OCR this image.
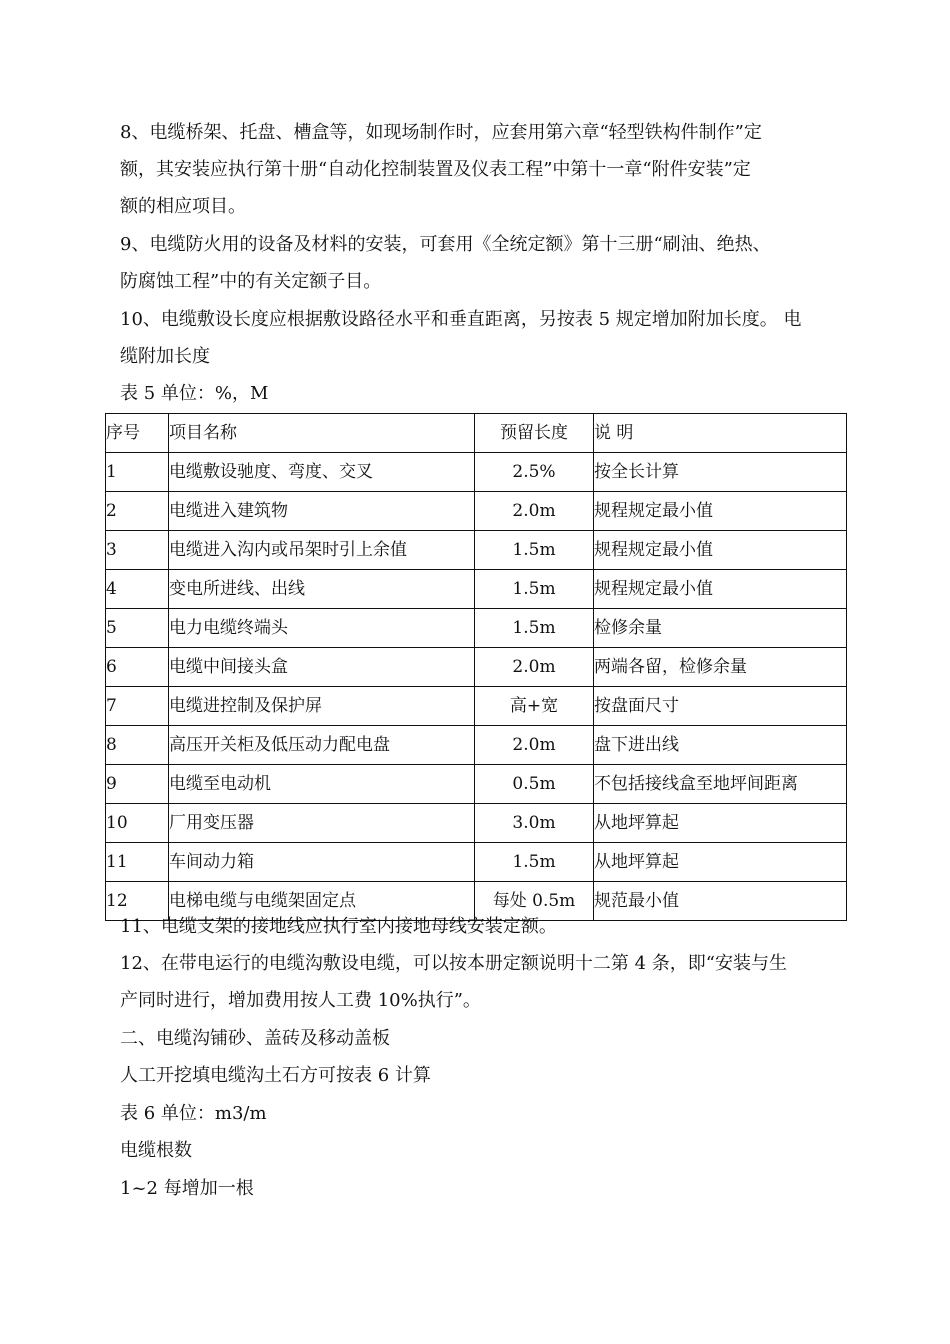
8、电缆桥架、托盘、槽盒等，如现场制作时，应套用第六章“轻型铁构件制作”定
额，其安装应执行第十册“自动化控制装置及仪表工程”中第十一章“附件安装”定
额的相应项目。
9、电缆防火用的设备及材料的安装，可套用《全统定额》第十三册“刷油、绝热、
防腐蚀工程”中的有关定额子目。
10、电缆敷设长度应根据敷设路径水平和垂直距离，另按表 5 规定增加附加长度。 电
缆附加长度
表 5 单位：%，M
序号	项目名称	预留长度	说 明
1	电缆敷设驰度、弯度、交叉	2.5%	按全长计算
2	电缆进入建筑物	2.0m	规程规定最小值
3	电缆进入沟内或吊架时引上余值	1.5m	规程规定最小值
4	变电所进线、出线	1.5m	规程规定最小值
5	电力电缆终端头	1.5m	检修余量
6	电缆中间接头盒	2.0m	两端各留，检修余量
7	电缆进控制及保护屏	高+宽	按盘面尺寸
8	高压开关柜及低压动力配电盘	2.0m	盘下进出线
9	电缆至电动机	0.5m	不包括接线盒至地坪间距离
10	厂用变压器	3.0m	从地坪算起
11	车间动力箱	1.5m	从地坪算起
12	电梯电缆与电缆架固定点	每处 0.5m	规范最小值
11、电缆支架的接地线应执行室内接地母线安装定额。
12、在带电运行的电缆沟敷设电缆，可以按本册定额说明十二第 4 条，即“安装与生
产同时进行，增加费用按人工费 10%执行”。
二、电缆沟铺砂、盖砖及移动盖板
人工开挖填电缆沟土石方可按表 6 计算
表 6 单位：m3/m
电缆根数
1~2 每增加一根
